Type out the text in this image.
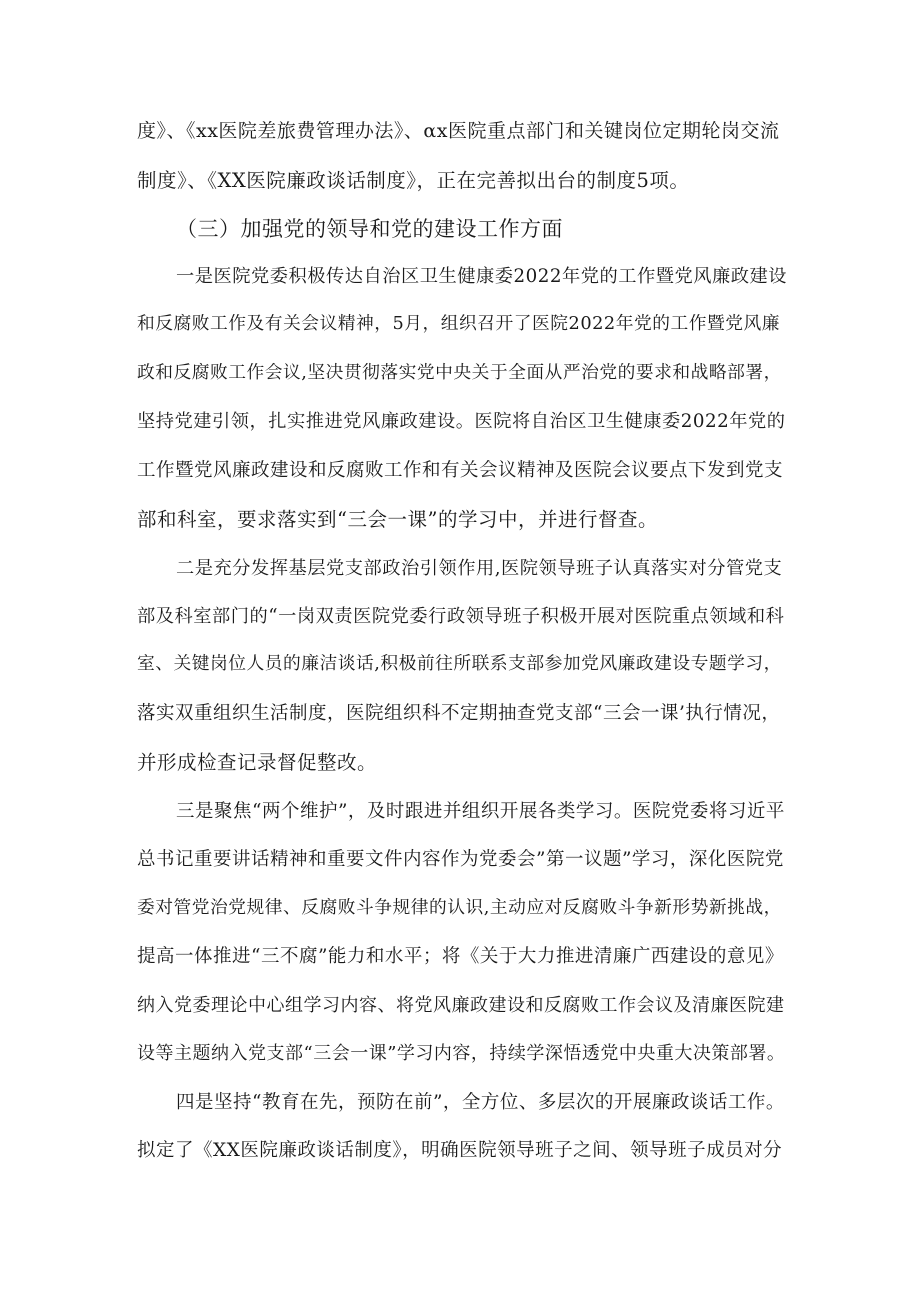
度》、《xx医院差旅费管理办法》、αx医院重点部门和关键岗位定期轮岗交流
制度》、《XX医院廉政谈话制度》，正在完善拟出台的制度5项。
（三）加强党的领导和党的建设工作方面
一是医院党委积极传达自治区卫生健康委2022年党的工作暨党风廉政建设
和反腐败工作及有关会议精神，5月，组织召开了医院2022年党的工作暨党风廉
政和反腐败工作会议,坚决贯彻落实党中央关于全面从严治党的要求和战略部署，
坚持党建引领，扎实推进党风廉政建设。医院将自治区卫生健康委2022年党的
工作暨党风廉政建设和反腐败工作和有关会议精神及医院会议要点下发到党支
部和科室，要求落实到“三会一课”的学习中，并进行督查。
二是充分发挥基层党支部政治引领作用,医院领导班子认真落实对分管党支
部及科室部门的“一岗双责医院党委行政领导班子积极开展对医院重点领域和科
室、关键岗位人员的廉洁谈话,积极前往所联系支部参加党风廉政建设专题学习，
落实双重组织生活制度，医院组织科不定期抽查党支部“三会一课’执行情况，
并形成检查记录督促整改。
三是聚焦“两个维护”，及时跟进并组织开展各类学习。医院党委将习近平
总书记重要讲话精神和重要文件内容作为党委会”第一议题”学习，深化医院党
委对管党治党规律、反腐败斗争规律的认识,主动应对反腐败斗争新形势新挑战，
提高一体推进“三不腐”能力和水平；将《关于大力推进清廉广西建设的意见》
纳入党委理论中心组学习内容、将党风廉政建设和反腐败工作会议及清廉医院建
设等主题纳入党支部“三会一课”学习内容，持续学深悟透党中央重大决策部署。
四是坚持“教育在先，预防在前”，全方位、多层次的开展廉政谈话工作。
拟定了《XX医院廉政谈话制度》，明确医院领导班子之间、领导班子成员对分
